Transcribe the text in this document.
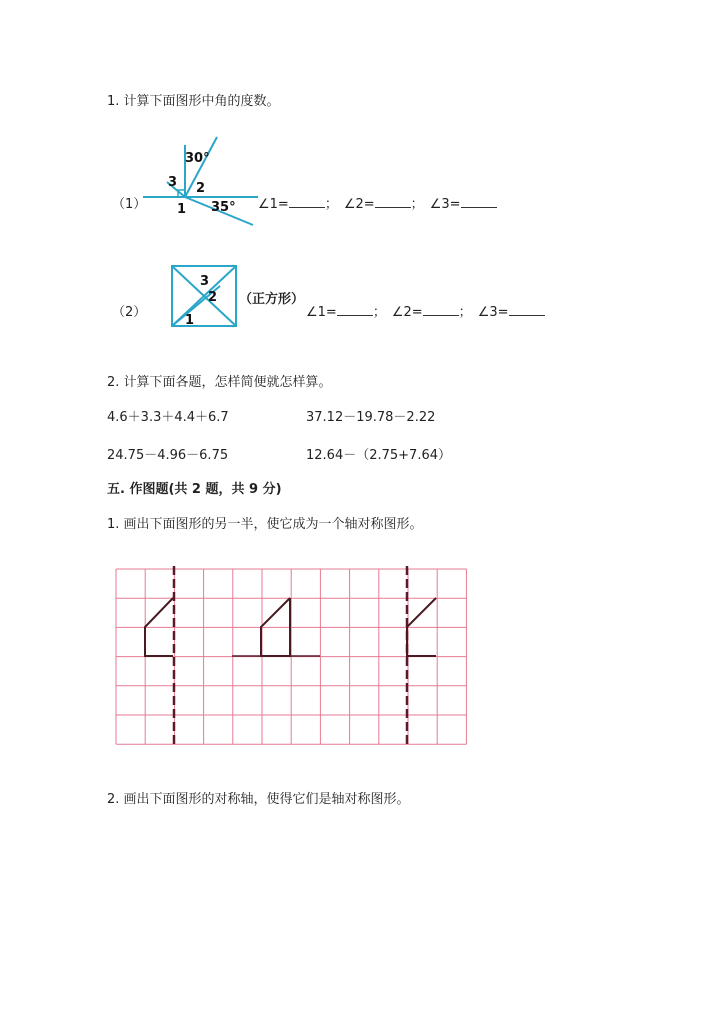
1. 计算下面图形中角的度数。
（1）
30°
3 2
1 35° ∠1=	； ∠2=	； ∠3=
（2）
3
2
1
（正方形）
∠1=	； ∠2=	； ∠3=
2. 计算下面各题，怎样简便就怎样算。
4.6＋3.3＋4.4＋6.7	37.12－19.78－2.22
24.75－4.96－6.75	12.64－（2.75+7.64）
五. 作图题(共 2 题，共 9 分)
1. 画出下面图形的另一半，使它成为一个轴对称图形。
2. 画出下面图形的对称轴，使得它们是轴对称图形。
